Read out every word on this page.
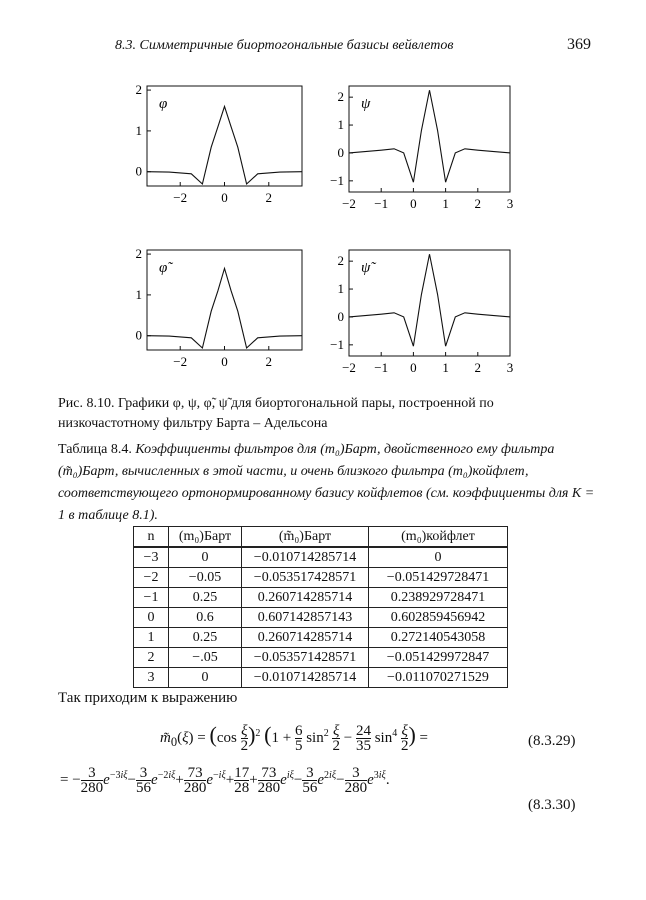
8.3. Симметричные биортогональные базисы вейвлетов	369
−2	0	2
0
1
2
φ
−2 −1 0 1 2 3
−1
0
1
2 ψ
−2	0	2
0
1
2
φ̃
−2 −1 0 1 2 3
−1
0
1
2 ψ̃
Рис. 8.10. Графики φ, ψ, φ̃, ψ̃ для биортогональной пары, построенной по низкочастотному фильтру Барта – Адельсона
Таблица 8.4. Коэффициенты фильтров для (m₀)Барт, двойственного ему фильтра (m̃₀)Барт, вычисленных в этой части, и очень близкого фильтра (m₀)койфлет, соответствующего ортонормированному базису койфлетов (см. коэффициенты для K = 1 в таблице 8.1).
n	(m₀)Барт	(m̃₀)Барт	(m₀)койфлет
−3	0	−0.010714285714	0
−2	−0.05	−0.053517428571	−0.051429728471
−1	0.25	0.260714285714	0.238929728471
0	0.6	0.607142857143	0.602859456942
1	0.25	0.260714285714	0.272140543058
2	−.05	−0.053571428571	−0.051429972847
3	0	−0.010714285714	−0.011070271529
Так приходим к выражению
$m̃_0(\xi) = (\cos \frac{\xi}{2} )^2$ ($1 + \frac{6}{5} \sin^2 \frac{\xi}{2} - \frac{24}{35} \sin^4 \frac{\xi}{2}$ ) =	(8.3.29)
= − $\frac{3}{280} e^{-3i\xi}- \frac{3}{56} e^{-2i\xi}+ \frac{73}{280} e^{-i\xi}+ \frac{17}{28} + \frac{73}{280} e^{i\xi}- \frac{3}{56} e^{2i\xi}- \frac{3}{280} e^{3i\xi}$.
(8.3.30)
